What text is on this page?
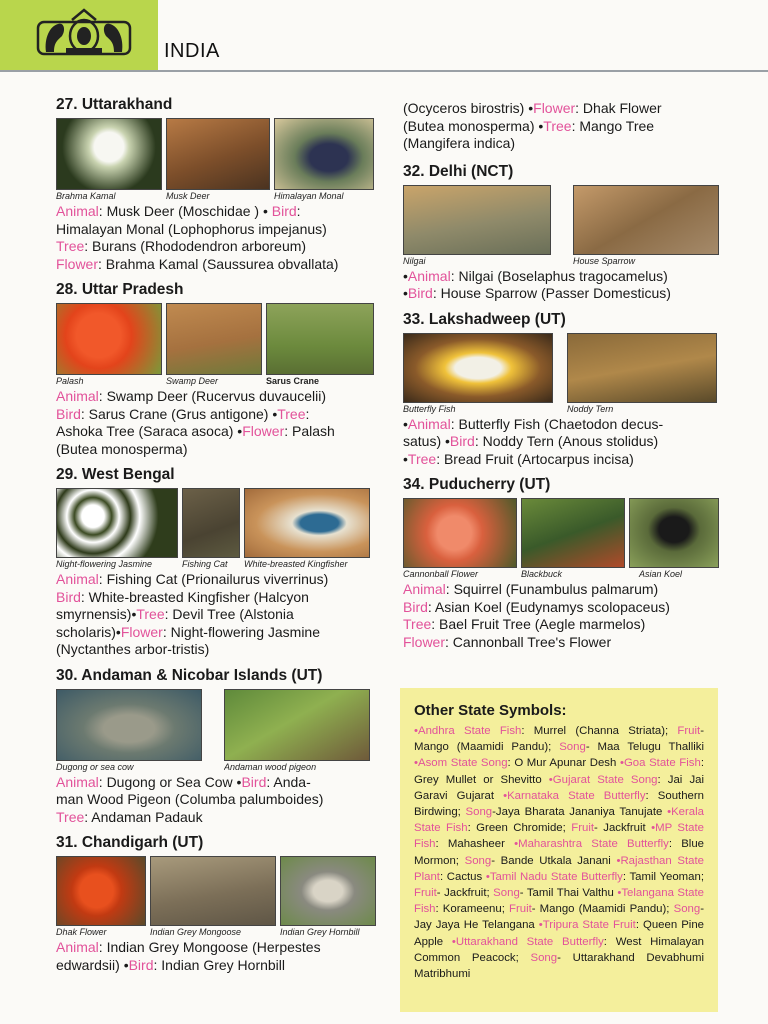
INDIA
27. Uttarakhand
Brahma Kamal	Musk Deer	Himalayan Monal
Animal: Musk Deer (Moschidae ) • Bird:
Himalayan Monal (Lophophorus impejanus)
Tree: Burans (Rhododendron arboreum)
Flower: Brahma Kamal (Saussurea obvallata)
28. Uttar Pradesh
Palash	Swamp Deer	Sarus Crane
Animal: Swamp Deer (Rucervus duvaucelii)
Bird: Sarus Crane (Grus antigone) •Tree:
Ashoka Tree (Saraca asoca) •Flower: Palash
(Butea monosperma)
29. West Bengal
Night-flowering Jasmine	Fishing Cat	White-breasted Kingfisher
Animal: Fishing Cat (Prionailurus viverrinus)
Bird: White-breasted Kingfisher (Halcyon
smyrnensis)•Tree: Devil Tree (Alstonia
scholaris)•Flower: Night-flowering Jasmine
(Nyctanthes arbor-tristis)
30. Andaman & Nicobar Islands (UT)
Dugong or sea cow	Andaman wood pigeon
Animal: Dugong or Sea Cow •Bird: Anda-
man Wood Pigeon (Columba palumboides)
Tree: Andaman Padauk
31. Chandigarh (UT)
Dhak Flower	Indian Grey Mongoose	Indian Grey Hornbill
Animal: Indian Grey Mongoose (Herpestes
edwardsii) •Bird: Indian Grey Hornbill
(Ocyceros birostris) •Flower: Dhak Flower
(Butea monosperma) •Tree: Mango Tree
(Mangifera indica)
32. Delhi (NCT)
Nilgai	House Sparrow
•Animal: Nilgai (Boselaphus tragocamelus)
•Bird: House Sparrow (Passer Domesticus)
33. Lakshadweep (UT)
Butterfly Fish	Noddy Tern
•Animal: Butterfly Fish (Chaetodon decus-
satus) •Bird: Noddy Tern (Anous stolidus)
•Tree: Bread Fruit (Artocarpus incisa)
34. Puducherry (UT)
Cannonball Flower	Blackbuck	Asian Koel
Animal: Squirrel (Funambulus palmarum)
Bird: Asian Koel (Eudynamys scolopaceus)
Tree: Bael Fruit Tree (Aegle marmelos)
Flower: Cannonball Tree's Flower
Other State Symbols:
•Andhra State Fish: Murrel (Channa Striata); Fruit- Mango (Maamidi Pandu); Song- Maa Telugu Thalliki •Asom State Song: O Mur Apunar Desh •Goa State Fish: Grey Mullet or Shevitto •Gujarat State Song: Jai Jai Garavi Gujarat •Karnataka State Butterfly: Southern Birdwing; Song-Jaya Bharata Jananiya Tanujate •Kerala State Fish: Green Chromide; Fruit- Jackfruit •MP State Fish: Mahasheer •Maharashtra State Butterfly: Blue Mormon; Song- Bande Utkala Janani •Rajasthan State Plant: Cactus •Tamil Nadu State Butterfly: Tamil Yeoman; Fruit- Jackfruit; Song- Tamil Thai Valthu •Telangana State Fish: Korameenu; Fruit- Mango (Maamidi Pandu); Song- Jay Jaya He Telangana •Tripura State Fruit: Queen Pine Apple •Uttarakhand State Butterfly: West Himalayan Common Peacock; Song- Uttarakhand Devabhumi Matribhumi
